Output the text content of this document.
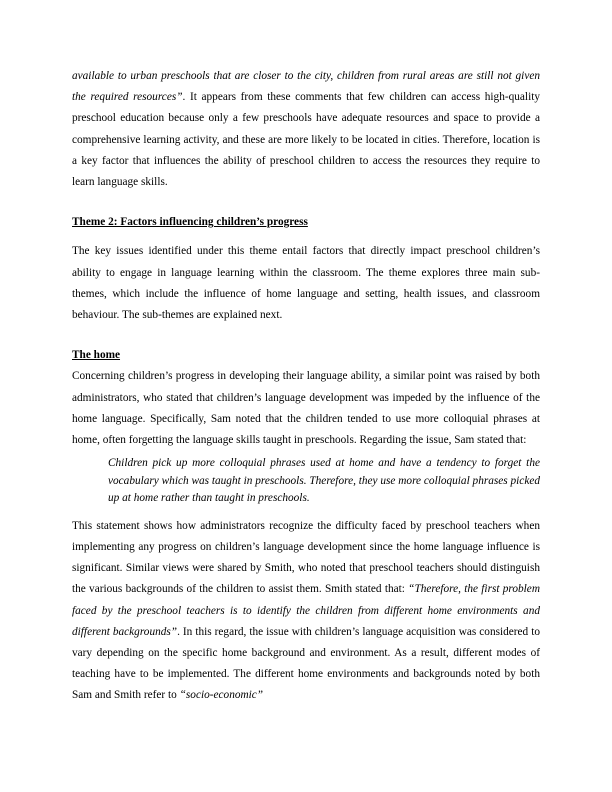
available to urban preschools that are closer to the city, children from rural areas are still not given the required resources”. It appears from these comments that few children can access high-quality preschool education because only a few preschools have adequate resources and space to provide a comprehensive learning activity, and these are more likely to be located in cities. Therefore, location is a key factor that influences the ability of preschool children to access the resources they require to learn language skills.

Theme 2: Factors influencing children’s progress

The key issues identified under this theme entail factors that directly impact preschool children’s ability to engage in language learning within the classroom. The theme explores three main sub-themes, which include the influence of home language and setting, health issues, and classroom behaviour. The sub-themes are explained next.

The home

Concerning children’s progress in developing their language ability, a similar point was raised by both administrators, who stated that children’s language development was impeded by the influence of the home language. Specifically, Sam noted that the children tended to use more colloquial phrases at home, often forgetting the language skills taught in preschools. Regarding the issue, Sam stated that:

Children pick up more colloquial phrases used at home and have a tendency to forget the vocabulary which was taught in preschools. Therefore, they use more colloquial phrases picked up at home rather than taught in preschools.

This statement shows how administrators recognize the difficulty faced by preschool teachers when implementing any progress on children’s language development since the home language influence is significant. Similar views were shared by Smith, who noted that preschool teachers should distinguish the various backgrounds of the children to assist them. Smith stated that: “Therefore, the first problem faced by the preschool teachers is to identify the children from different home environments and different backgrounds”. In this regard, the issue with children’s language acquisition was considered to vary depending on the specific home background and environment. As a result, different modes of teaching have to be implemented. The different home environments and backgrounds noted by both Sam and Smith refer to “socio-economic”
